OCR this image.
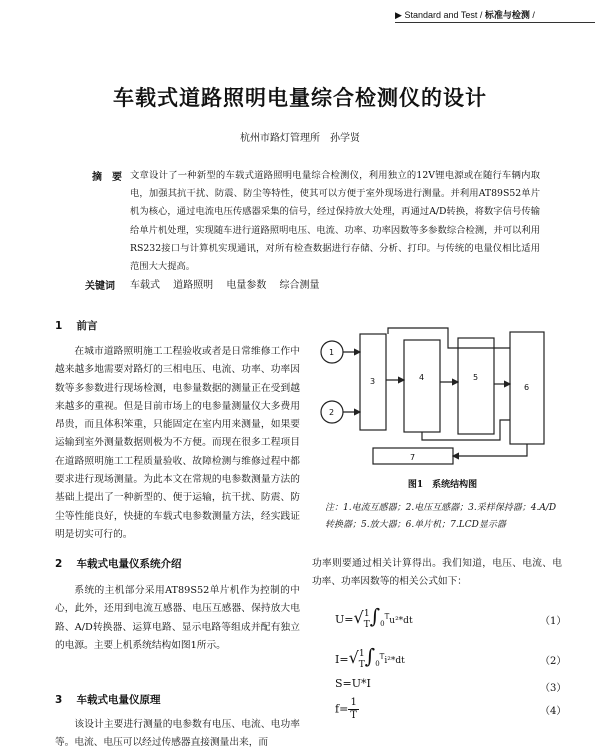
▶ Standard and Test / 标准与检测 /
车载式道路照明电量综合检测仪的设计
杭州市路灯管理所　孙学贤
摘　要 文章设计了一种新型的车载式道路照明电量综合检测仪，利用独立的12V锂电源或在随行车辆内取电，加强其抗干扰、防震、防尘等特性，使其可以方便于室外现场进行测量。并利用AT89S52单片机为核心，通过电流电压传感器采集的信号，经过保持放大处理，再通过A/D转换，将数字信号传输给单片机处理，实现随车进行道路照明电压、电流、功率、功率因数等多参数综合检测，并可以利用RS232接口与计算机实现通讯，对所有检查数据进行存储、分析、打印。与传统的电量仪相比适用范围大大提高。
关键词 车载式 道路照明 电量参数 综合测量
1　 前言
在城市道路照明施工工程验收或者是日常维修工作中越来越多地需要对路灯的三相电压、电流、功率、功率因数等多参数进行现场检测，电参量数据的测量正在受到越来越多的重视。但是目前市场上的电参量测量仪大多费用昂贵，而且体积笨重，只能固定在室内用来测量，如果要运输到室外测量数据则极为不方便。而现在很多工程项目在道路照明施工工程质量验收、故障检测与维修过程中都要求进行现场测量。为此本文在常规的电参数测量方法的基础上提出了一种新型的、便于运输，抗干扰、防震、防尘等性能良好，快捷的车载式电参数测量方法，经实践证明是切实可行的。
2　 车载式电量仪系统介绍
系统的主机部分采用AT89S52单片机作为控制的中心，此外，还用到电流互感器、电压互感器、保持放大电路、A/D转换器、运算电路、显示电路等组成并配有独立的电源。主要上机系统结构如图1所示。
3　 车载式电量仪原理
该设计主要进行测量的电参数有电压、电流、电功率等。电流、电压可以经过传感器直接测量出来，而
1
2
3	4	5
6
7
图1　系统结构图
注：1.电流互感器；2.电压互感器；3.采样保持器；4.A/D转换器；5.放大器；6.单片机；7.LCD显示器
功率则要通过相关计算得出。我们知道，电压、电流、电功率、功率因数等的相关公式如下：
U=√1
$T\int_0^Tu^2*dt$	（1）
I=√1
$T\int_0^Ti^2*dt$	（2）
S=U*I	（3）
$f=\frac{1}{T}$	（4）
